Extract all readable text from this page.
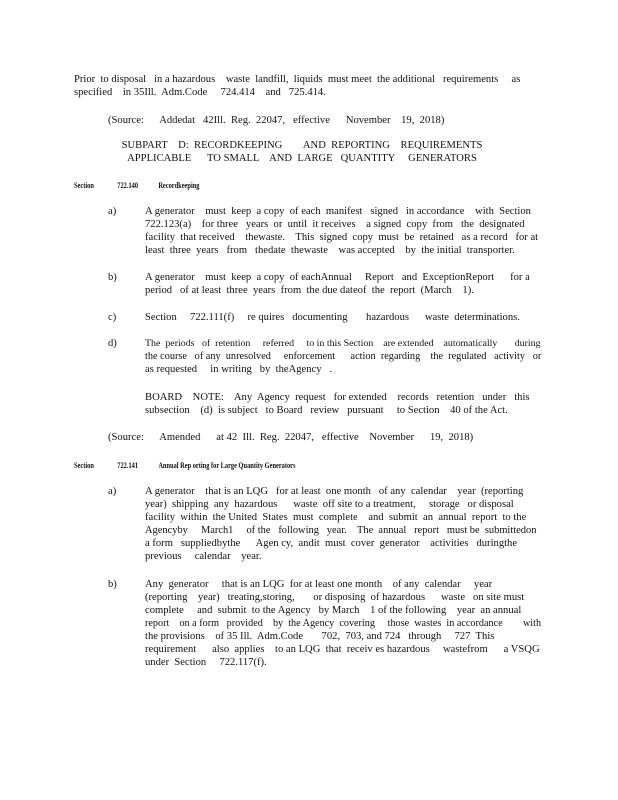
Prior  to disposal   in a hazardous    waste  landfill,  liquids  must meet  the additional   requirements     as
specified    in 35Ill.  Adm.Code     724.414    and   725.414.
(Source:      Addedat   42Ill.  Reg.  22047,   effective      November    19,  2018)
SUBPART    D:  RECORDKEEPING        AND  REPORTING    REQUIREMENTS
APPLICABLE      TO SMALL    AND  LARGE   QUANTITY     GENERATORS
Section	722.140 Recordkeeping
a)	A generator    must  keep  a copy  of each  manifest   signed   in accordance    with  Section
722.123(a)    for three   years  or  until  it receives    a signed  copy  from   the  designated
facility  that received    thewaste.    This  signed  copy  must  be  retained   as a record   for at
least  three  years   from   thedate  thewaste    was accepted    by  the initial  transporter.
b)	A generator    must  keep  a copy  of eachAnnual     Report   and  ExceptionReport      for a
period   of at least  three  years  from  the due dateof  the  report  (March    1).
c)	Section     722.111(f)     re quires   documenting       hazardous      waste  determinations.
d)	The  periods   of  retention     referred     to in this Section    are extended    automatically       during
the course   of any  unresolved     enforcement      action  regarding    the  regulated   activity   or
as requested     in writing   by  theAgency   .
BOARD    NOTE:    Any  Agency  request   for extended    records   retention   under   this
subsection    (d)  is subject   to Board   review   pursuant     to Section    40 of the Act.
(Source:      Amended      at 42  Ill.  Reg.  22047,   effective    November      19,  2018)
Section	722.141 Annual Rep orting for Large Quantity Generators
a)	A generator    that is an LQG   for at least  one month   of any  calendar    year  (reporting
year)  shipping  any  hazardous      waste  off site to a treatment,     storage   or disposal
facility  within  the United  States  must  complete    and  submit  an  annual  report  to the
Agencyby     March1     of the   following   year.    The  annual   report   must be  submittedon
a form   suppliedbythe      Agen cy,  andit  must  cover  generator    activities   duringthe
previous     calendar    year.
b)	Any  generator     that is an LQG  for at least one month    of any  calendar     year
(reporting    year)   treating,storing,       or disposing  of hazardous      waste   on site must
complete     and  submit  to the Agency   by March    1 of the following    year  an annual
report    on a form   provided    by  the Agency  covering     those  wastes  in accordance        with
the provisions    of 35 Ill.  Adm.Code       702,  703, and 724   through     727  This
requirement      also  applies    to an LQG  that  receiv es hazardous     wastefrom      a VSQG
under  Section     722.117(f).
